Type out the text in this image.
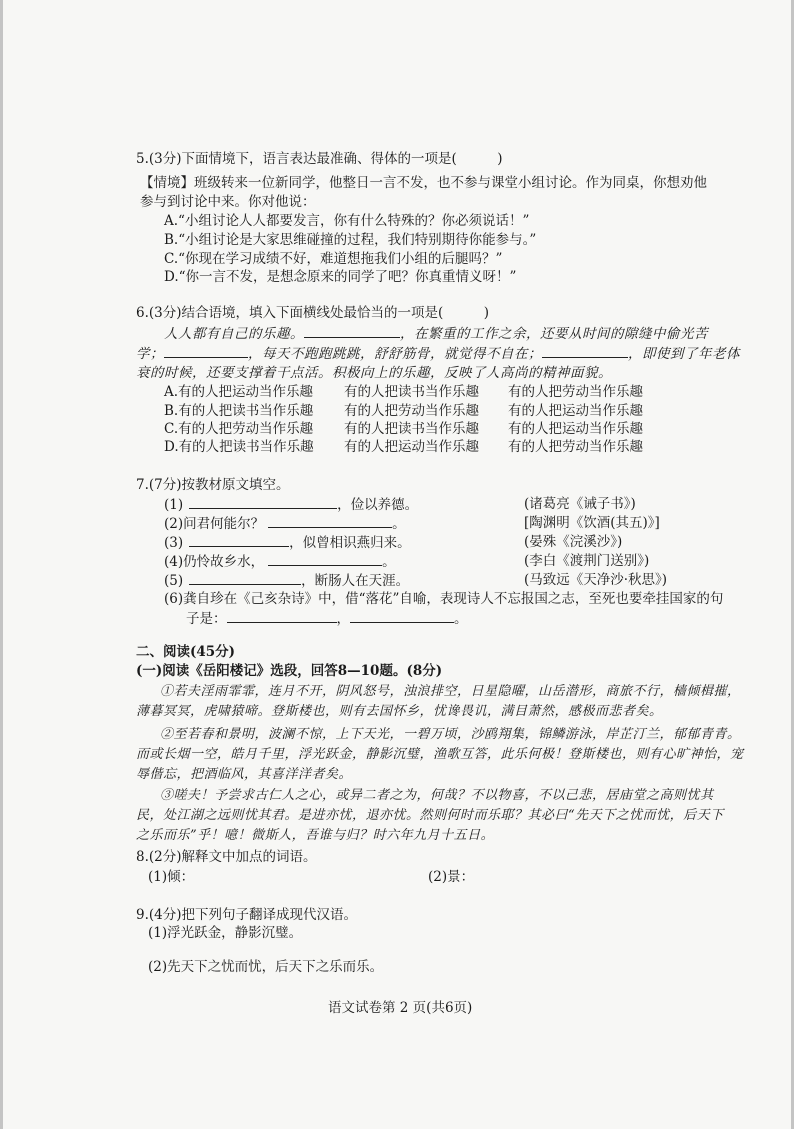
5.(3分)下面情境下，语言表达最准确、得体的一项是(　　　)
【情境】班级转来一位新同学，他整日一言不发，也不参与课堂小组讨论。作为同桌，你想劝他
参与到讨论中来。你对他说：
A.“小组讨论人人都要发言，你有什么特殊的？你必须说话！”
B.“小组讨论是大家思维碰撞的过程，我们特别期待你能参与。”
C.“你现在学习成绩不好，难道想拖我们小组的后腿吗？”
D.“你一言不发，是想念原来的同学了吧？你真重情义呀！”
6.(3分)结合语境，填入下面横线处最恰当的一项是(　　　)
人人都有自己的乐趣。	，在繁重的工作之余，还要从时间的隙缝中偷光苦
学；	，每天不跑跑跳跳，舒舒筋骨，就觉得不自在；	，即使到了年老体
衰的时候，还要支撑着干点活。积极向上的乐趣，反映了人高尚的精神面貌。
A.有的人把运动当作乐趣 有的人把读书当作乐趣 有的人把劳动当作乐趣
B.有的人把读书当作乐趣 有的人把劳动当作乐趣 有的人把运动当作乐趣
C.有的人把劳动当作乐趣 有的人把读书当作乐趣 有的人把运动当作乐趣
D.有的人把读书当作乐趣 有的人把运动当作乐趣 有的人把劳动当作乐趣
7.(7分)按教材原文填空。
(1)	，俭以养德。	(诸葛亮《诫子书》)
(2)问君何能尔？	。	[陶渊明《饮酒(其五)》]
(3)	，似曾相识燕归来。	(晏殊《浣溪沙》)
(4)仍怜故乡水，	。	(李白《渡荆门送别》)
(5)	，断肠人在天涯。	(马致远《天净沙·秋思》)
(6)龚自珍在《己亥杂诗》中，借“落花”自喻，表现诗人不忘报国之志，至死也要牵挂国家的句
子是：	，	。
二、阅读(45分)
(一)阅读《岳阳楼记》选段，回答8—10题。(8分)
①若夫淫雨霏霏，连月不开，阴风怒号，浊浪排空，日星隐曜，山岳潜形，商旅不行，樯倾楫摧，
薄暮冥冥，虎啸猿啼。登斯楼也，则有去国怀乡，忧谗畏讥，满目萧然，感极而悲者矣。
②至若春和景明，波澜不惊，上下天光，一碧万顷，沙鸥翔集，锦鳞游泳，岸芷汀兰，郁郁青青。
而或长烟一空，皓月千里，浮光跃金，静影沉璧，渔歌互答，此乐何极！登斯楼也，则有心旷神怡，宠
辱偕忘，把酒临风，其喜洋洋者矣。
③嗟夫！予尝求古仁人之心，或异二者之为，何哉？不以物喜，不以己悲，居庙堂之高则忧其
民，处江湖之远则忧其君。是进亦忧，退亦忧。然则何时而乐耶？其必曰“先天下之忧而忧，后天下
之乐而乐”乎！噫！微斯人，吾谁与归？时六年九月十五日。
8.(2分)解释文中加点的词语。
(1)倾：	(2)景：
9.(4分)把下列句子翻译成现代汉语。
(1)浮光跃金，静影沉璧。
(2)先天下之忧而忧，后天下之乐而乐。
语文试卷第 2 页(共6页)
